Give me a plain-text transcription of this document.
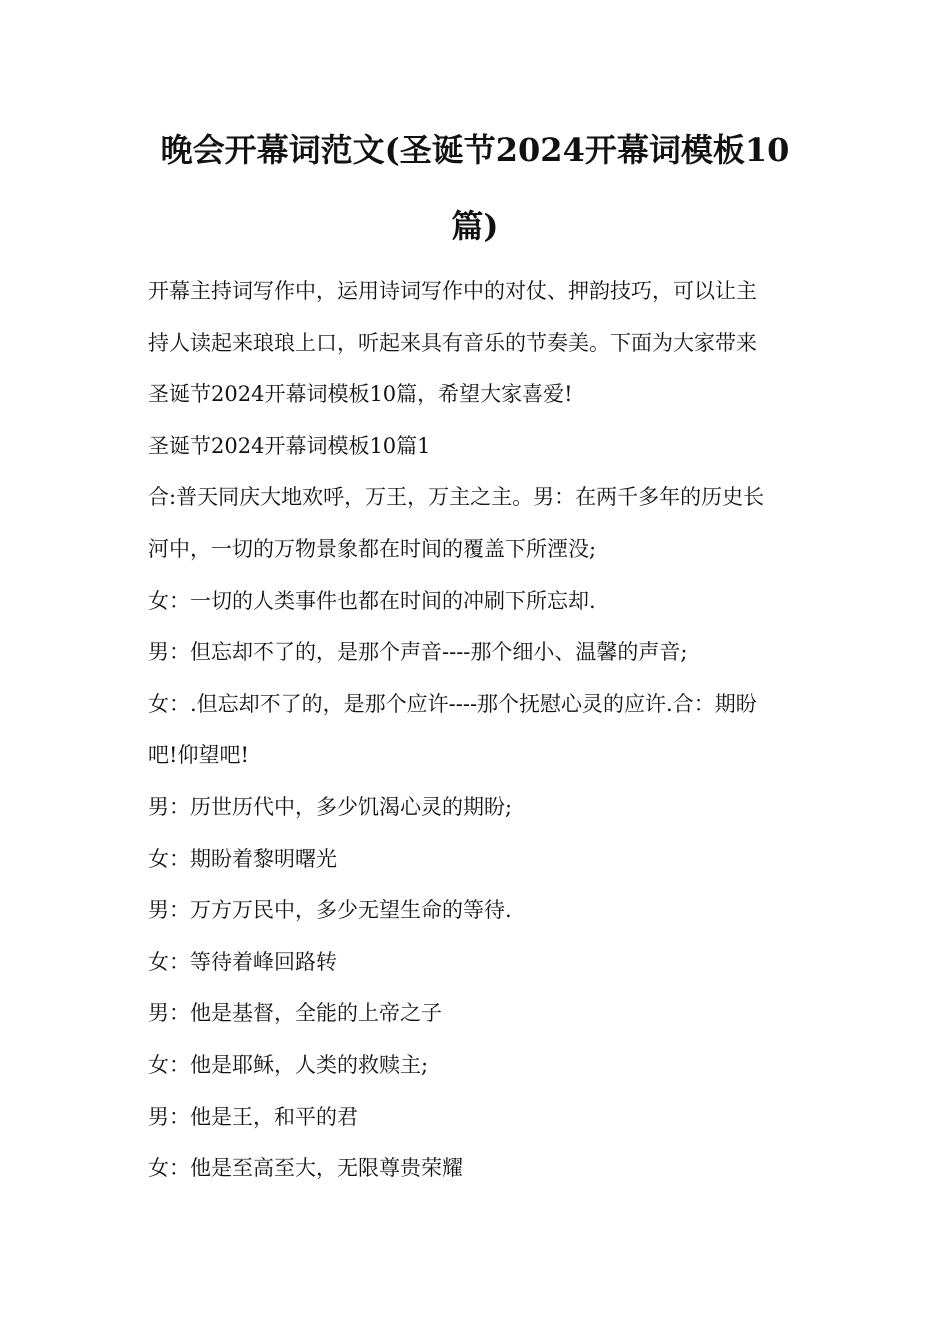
晚会开幕词范文(圣诞节2024开幕词模板10
篇)

开幕主持词写作中，运用诗词写作中的对仗、押韵技巧，可以让主

持人读起来琅琅上口，听起来具有音乐的节奏美。下面为大家带来

圣诞节2024开幕词模板10篇，希望大家喜爱!

圣诞节2024开幕词模板10篇1

合:普天同庆大地欢呼，万王，万主之主。男：在两千多年的历史长

河中，一切的万物景象都在时间的覆盖下所湮没;

女：一切的人类事件也都在时间的冲刷下所忘却.

男：但忘却不了的，是那个声音----那个细小、温馨的声音;

女：.但忘却不了的，是那个应许----那个抚慰心灵的应许.合：期盼

吧!仰望吧!

男：历世历代中，多少饥渴心灵的期盼;

女：期盼着黎明曙光

男：万方万民中，多少无望生命的等待.

女：等待着峰回路转

男：他是基督，全能的上帝之子

女：他是耶稣，人类的救赎主;

男：他是王，和平的君

女：他是至高至大，无限尊贵荣耀
